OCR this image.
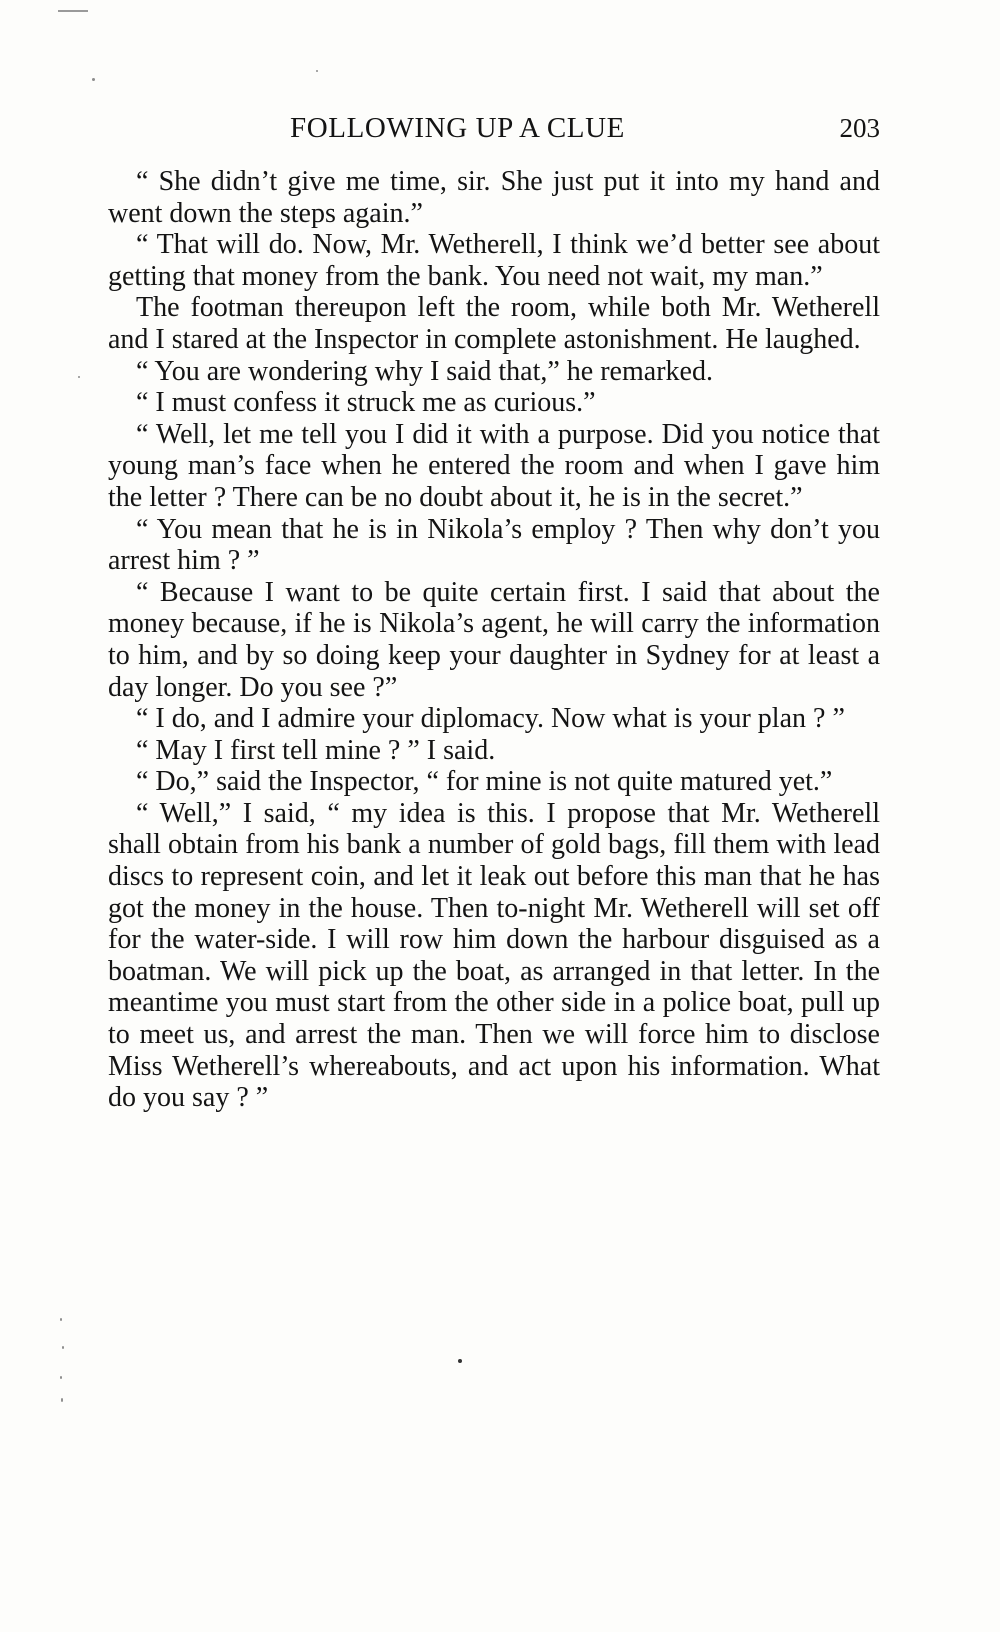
FOLLOWING UP A CLUE	203

“ She didn’t give me time, sir. She just put it into my hand and went down the steps again.”

“ That will do. Now, Mr. Wetherell, I think we’d better see about getting that money from the bank. You need not wait, my man.”

The footman thereupon left the room, while both Mr. Wetherell and I stared at the Inspector in complete astonishment. He laughed.

“ You are wondering why I said that,” he remarked.

“ I must confess it struck me as curious.”

“ Well, let me tell you I did it with a purpose. Did you notice that young man’s face when he entered the room and when I gave him the letter ? There can be no doubt about it, he is in the secret.”

“ You mean that he is in Nikola’s employ ? Then why don’t you arrest him ? ”

“ Because I want to be quite certain first. I said that about the money because, if he is Nikola’s agent, he will carry the information to him, and by so doing keep your daughter in Sydney for at least a day longer. Do you see ?”

“ I do, and I admire your diplomacy. Now what is your plan ? ”

“ May I first tell mine ? ” I said.

“ Do,” said the Inspector, “ for mine is not quite matured yet.”

“ Well,” I said, “ my idea is this. I propose that Mr. Wetherell shall obtain from his bank a number of gold bags, fill them with lead discs to represent coin, and let it leak out before this man that he has got the money in the house. Then to-night Mr. Wetherell will set off for the water-side. I will row him down the harbour disguised as a boatman. We will pick up the boat, as arranged in that letter. In the meantime you must start from the other side in a police boat, pull up to meet us, and arrest the man. Then we will force him to disclose Miss Wetherell’s whereabouts, and act upon his information. What do you say ? ”
